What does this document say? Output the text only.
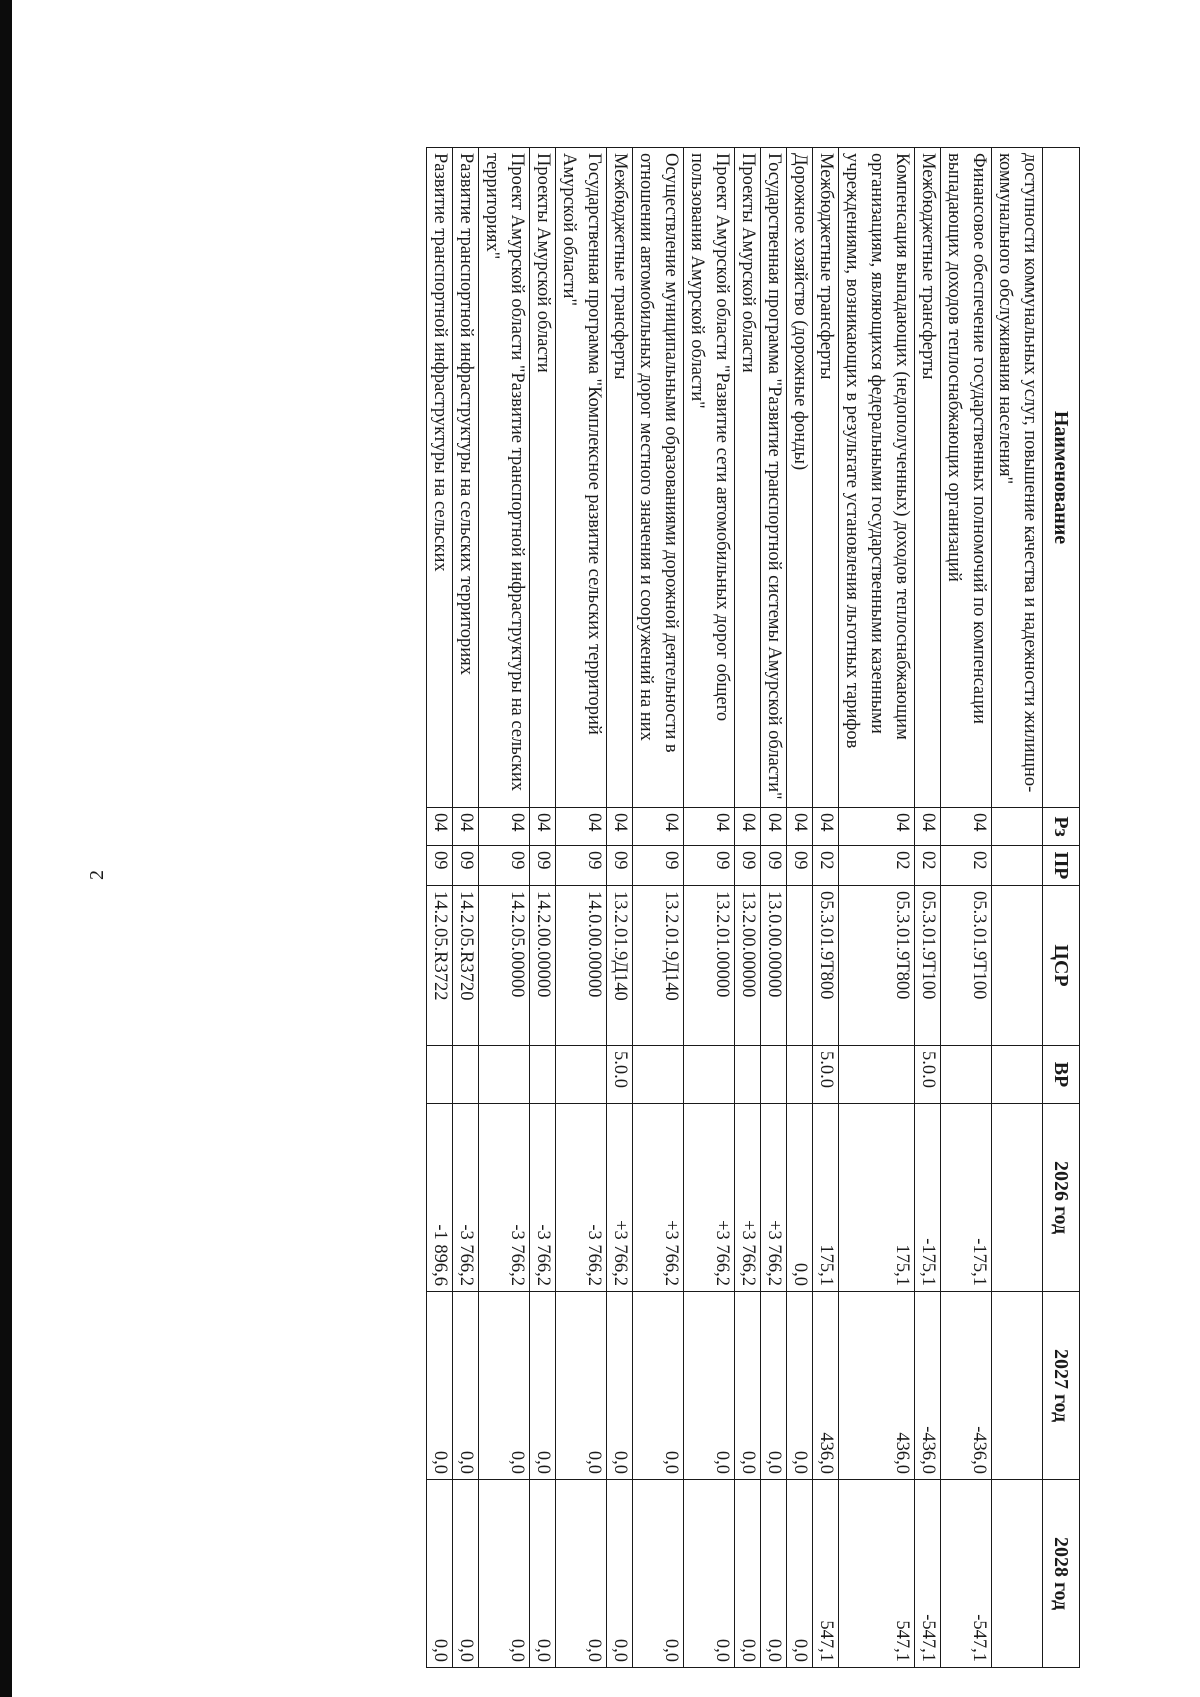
2
Наименование	Рз	ПР	ЦСР	ВР	2026 год	2027 год	2028 год
доступности коммунальных услуг, повышение качества и надежности жилищно-коммунального обслуживания населения"							
Финансовое обеспечение государственных полномочий по компенсации выпадающих доходов теплоснабжающих организаций	04	02	05.3.01.9Т100		-175,1	-436,0	-547,1
Межбюджетные трансферты	04	02	05.3.01.9Т100	5.0.0	-175,1	-436,0	-547,1
Компенсация выпадающих (недополученных) доходов теплоснабжающим организациям, являющихся федеральными государственными казенными учреждениями, возникающих в результате установления льготных тарифов	04	02	05.3.01.9Т800		175,1	436,0	547,1
Межбюджетные трансферты	04	02	05.3.01.9Т800	5.0.0	175,1	436,0	547,1
Дорожное хозяйство (дорожные фонды)	04	09			0,0	0,0	0,0
Государственная программа "Развитие транспортной системы Амурской области"	04	09	13.0.00.00000		+3 766,2	0,0	0,0
Проекты Амурской области	04	09	13.2.00.00000		+3 766,2	0,0	0,0
Проект Амурской области "Развитие сети автомобильных дорог общего пользования Амурской области"	04	09	13.2.01.00000		+3 766,2	0,0	0,0
Осуществление муниципальными образованиями дорожной деятельности в отношении автомобильных дорог местного значения и сооружений на них	04	09	13.2.01.9Д140		+3 766,2	0,0	0,0
Межбюджетные трансферты	04	09	13.2.01.9Д140	5.0.0	+3 766,2	0,0	0,0
Государственная программа "Комплексное развитие сельских территорий Амурской области"	04	09	14.0.00.00000		-3 766,2	0,0	0,0
Проекты Амурской области	04	09	14.2.00.00000		-3 766,2	0,0	0,0
Проект Амурской области "Развитие транспортной инфраструктуры на сельских территориях"	04	09	14.2.05.00000		-3 766,2	0,0	0,0
Развитие транспортной инфраструктуры на сельских территориях	04	09	14.2.05.R3720		-3 766,2	0,0	0,0
Развитие транспортной инфраструктуры на сельских	04	09	14.2.05.R3722		-1 896,6	0,0	0,0
